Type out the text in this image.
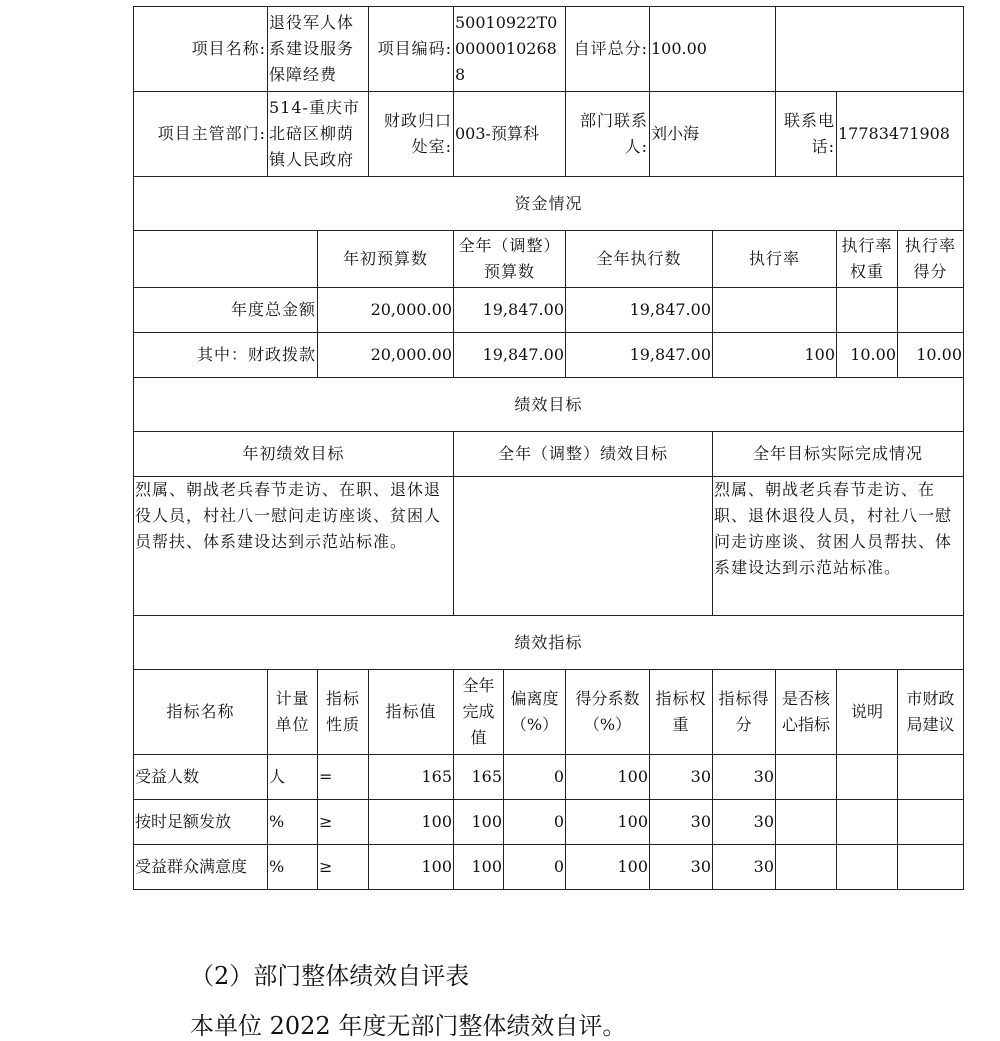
项目名称:	退役军人体系建设服务保障经费		项目编码:	50010922T000000102688		自评总分:	100.00				
项目主管部门:	514-重庆市北碚区柳荫镇人民政府		财政归口处室:	003-预算科		部门联系人:	刘小海		联系电话:	17783471908	
资金情况											
		年初预算数		全年（调整）预算数		全年执行数		执行率		执行率权重	执行率得分
年度总金额		20,000.00		19,847.00		19,847.00					
其中：财政拨款		20,000.00		19,847.00		19,847.00		100		10.00	10.00
绩效目标											
年初绩效目标				全年（调整）绩效目标				全年目标实际完成情况			
烈属、朝战老兵春节走访、在职、退休退役人员，村社八一慰问走访座谈、贫困人员帮扶、体系建设达到示范站标准。								烈属、朝战老兵春节走访、在职、退休退役人员，村社八一慰问走访座谈、贫困人员帮扶、体系建设达到示范站标准。			
绩效指标											
指标名称	计量单位	指标性质	指标值	全年完成值	偏离度（%）	得分系数（%）	指标权重	指标得分	是否核心指标	说明	市财政局建议
受益人数	人	=	165	165	0	100	30	30			
按时足额发放	%	≥	100	100	0	100	30	30			
受益群众满意度	%	≥	100	100	0	100	30	30			
（2）部门整体绩效自评表
本单位 2022 年度无部门整体绩效自评。
